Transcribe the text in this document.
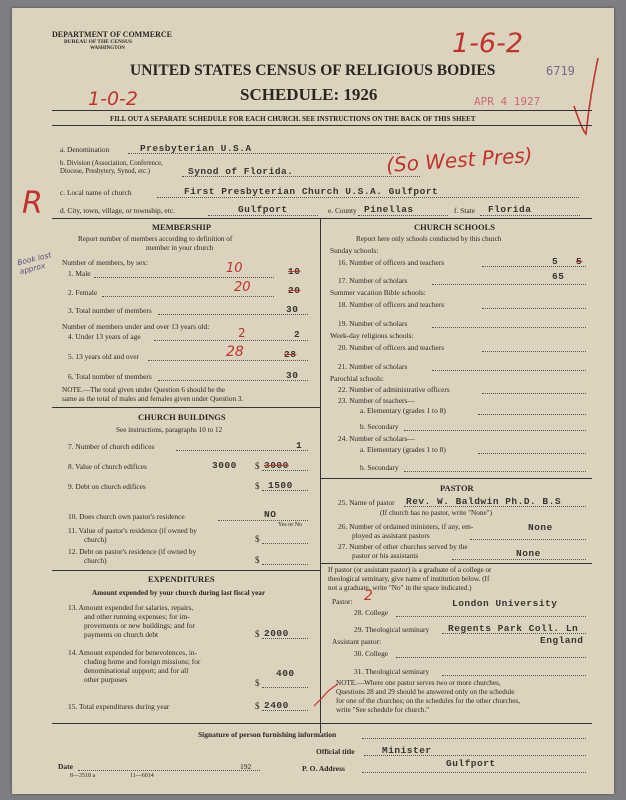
DEPARTMENT OF COMMERCE
BUREAU OF THE CENSUS
WASHINGTON
UNITED STATES CENSUS OF RELIGIOUS BODIES
SCHEDULE: 1926
FILL OUT A SEPARATE SCHEDULE FOR EACH CHURCH. SEE INSTRUCTIONS ON THE BACK OF THIS SHEET
6719
APR 4 1927
1-6-2
1-0-2
R
Book lost approx
a. Denomination	Presbyterian U.S.A
b. Division (Association, Conference, Diocese, Presbytery, Synod, etc.)	Synod of Florida.	(So West Pres)
c. Local name of church	First Presbyterian Church U.S.A. Gulfport
d. City, town, village, or township, etc.	Gulfport	e. County Pinellas	f. State Florida
MEMBERSHIP
Report number of members according to definition of
member in your church
Number of members, by sex:
1. Male	10	10
2. Female	20	20
3. Total number of members	30
Number of members under and over 13 years old:
4. Under 13 years of age	2	2
5. 13 years old and over	28	28
6. Total number of members	30
NOTE.—The total given under Question 6 should be the
same as the total of males and females given under Question 3.
CHURCH BUILDINGS
See instructions, paragraphs 10 to 12
7. Number of church edifices	1
8. Value of church edifices	3000 $ 3000
9. Debt on church edifices	$ 1500
10. Does church own pastor's residence	NO
Yes or No
11. Value of pastor's residence (if owned by
church)	$
12. Debt on pastor's residence (if owned by
church)	$
EXPENDITURES
Amount expended by your church during last fiscal year
13. Amount expended for salaries, repairs,
and other running expenses; for im-
provements or new buildings; and for
payments on church debt	$ 2000
14. Amount expended for benevolences, in-
cluding home and foreign missions; for
denominational support; and for all
other purposes
400
$
15. Total expenditures during year	$ 2400
CHURCH SCHOOLS
Report here only schools conducted by this church
Sunday schools:
16. Number of officers and teachers	5 5
17. Number of scholars	65
Summer vacation Bible schools:
18. Number of officers and teachers
19. Number of scholars
Week-day religious schools:
20. Number of officers and teachers
21. Number of scholars
Parochial schools:
22. Number of administrative officers
23. Number of teachers—
a. Elementary (grades 1 to 8)
b. Secondary
24. Number of scholars—
a. Elementary (grades 1 to 8)
b. Secondary
PASTOR
25. Name of pastor Rev. W. Baldwin Ph.D. B.S
(If church has no pastor, write "None")
26. Number of ordained ministers, if any, em-
ployed as assistant pastors
None
27. Number of other churches served by the
pastor or his assistants	None
If pastor (or assistant pastor) is a graduate of a college or
theological seminary, give name of institution below. (If
not a graduate, write "No" in the space indicated.)
Pastor: 2
28. College
London University
29. Theological seminary Regents Park Coll. Ln
England
Assistant pastor:
30. College
31. Theological seminary
NOTE.—Where one pastor serves two or more churches,
Questions 28 and 29 should be answered only on the schedule
for one of the churches; on the schedules for the other churches,
write "See schedule for church."
Signature of person furnishing information
Official title	Minister
Date	192	P. O. Address	Gulfport
8—3518 a	11—6014
